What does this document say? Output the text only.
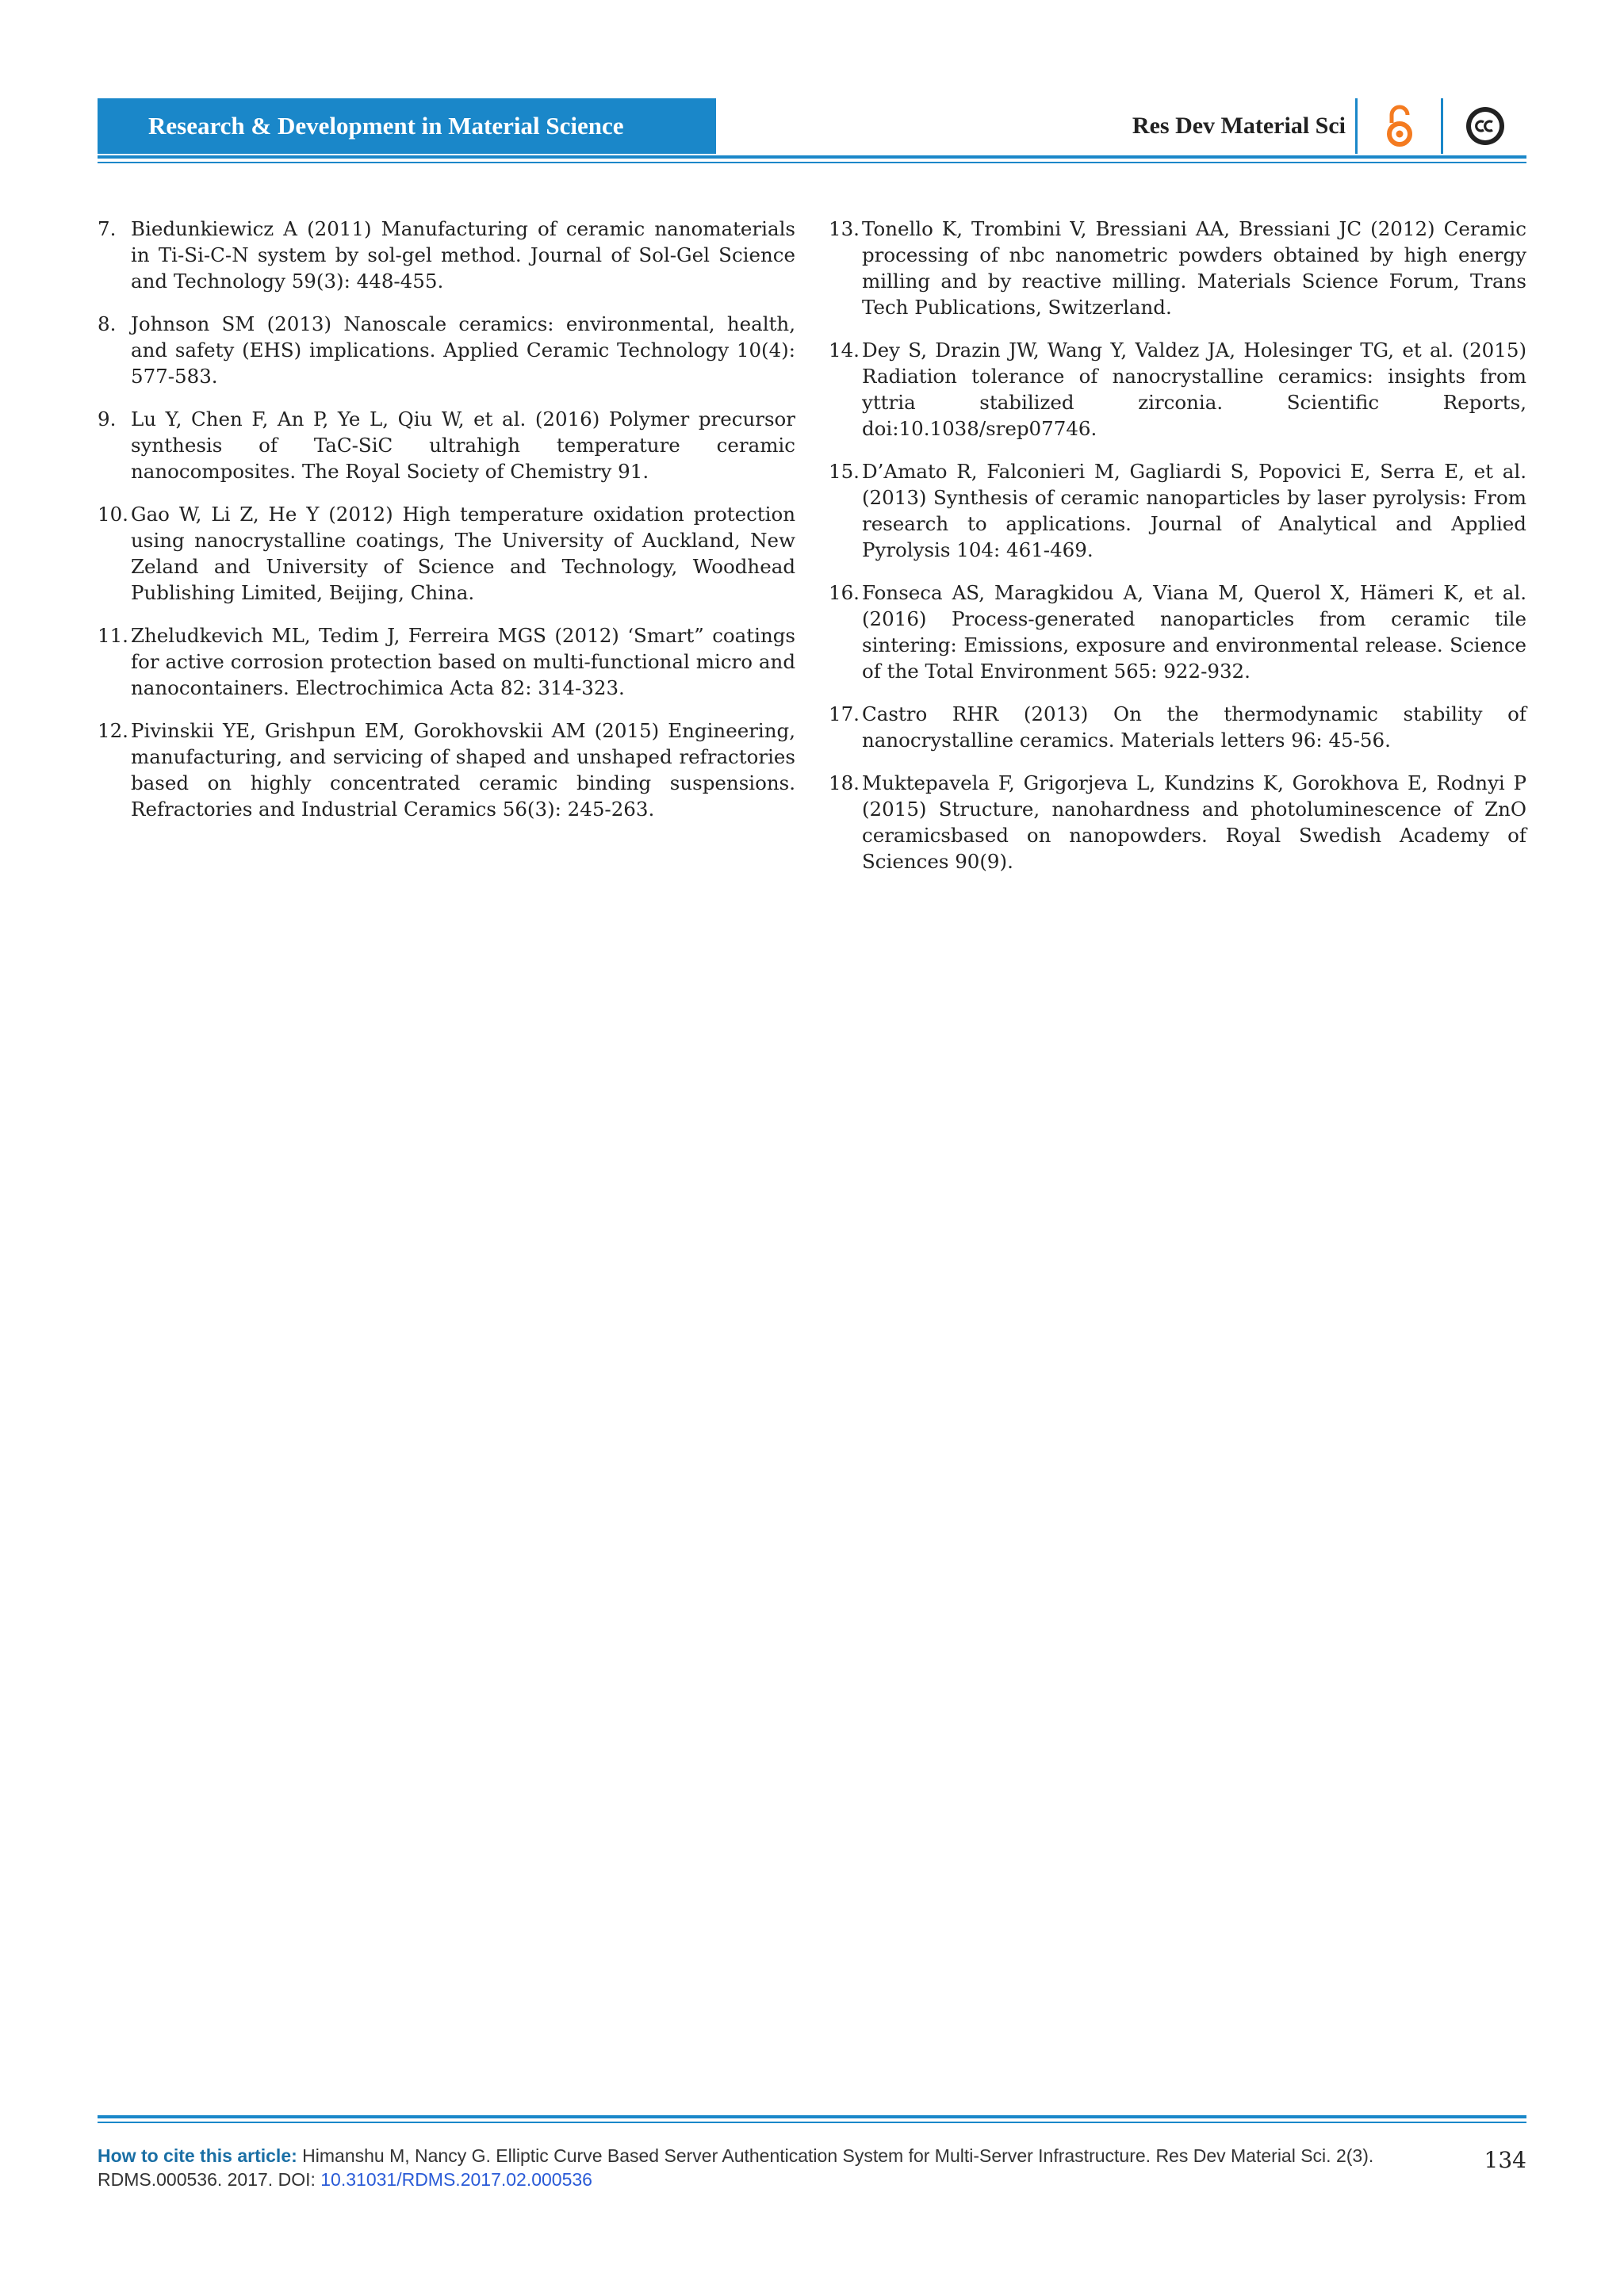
Research & Development in Material Science	Res Dev Material Sci
7. Biedunkiewicz A (2011) Manufacturing of ceramic nanomaterials in Ti-Si-C-N system by sol-gel method. Journal of Sol-Gel Science and Technology 59(3): 448-455.
8. Johnson SM (2013) Nanoscale ceramics: environmental, health, and safety (EHS) implications. Applied Ceramic Technology 10(4): 577-583.
9. Lu Y, Chen F, An P, Ye L, Qiu W, et al. (2016) Polymer precursor synthesis of TaC-SiC ultrahigh temperature ceramic nanocomposites. The Royal Society of Chemistry 91.
10. Gao W, Li Z, He Y (2012) High temperature oxidation protection using nanocrystalline coatings, The University of Auckland, New Zeland and University of Science and Technology, Woodhead Publishing Limited, Beijing, China.
11. Zheludkevich ML, Tedim J, Ferreira MGS (2012) ‘Smart” coatings for active corrosion protection based on multi-functional micro and nanocontainers. Electrochimica Acta 82: 314-323.
12. Pivinskii YE, Grishpun EM, Gorokhovskii AM (2015) Engineering, manufacturing, and servicing of shaped and unshaped refractories based on highly concentrated ceramic binding suspensions. Refractories and Industrial Ceramics 56(3): 245-263.
13. Tonello K, Trombini V, Bressiani AA, Bressiani JC (2012) Ceramic processing of nbc nanometric powders obtained by high energy milling and by reactive milling. Materials Science Forum, Trans Tech Publications, Switzerland.
14. Dey S, Drazin JW, Wang Y, Valdez JA, Holesinger TG, et al. (2015) Radiation tolerance of nanocrystalline ceramics: insights from yttria stabilized zirconia. Scientific Reports, doi:10.1038/srep07746.
15. D’Amato R, Falconieri M, Gagliardi S, Popovici E, Serra E, et al. (2013) Synthesis of ceramic nanoparticles by laser pyrolysis: From research to applications. Journal of Analytical and Applied Pyrolysis 104: 461-469.
16. Fonseca AS, Maragkidou A, Viana M, Querol X, Hämeri K, et al. (2016) Process-generated nanoparticles from ceramic tile sintering: Emissions, exposure and environmental release. Science of the Total Environment 565: 922-932.
17. Castro RHR (2013) On the thermodynamic stability of nanocrystalline ceramics. Materials letters 96: 45-56.
18. Muktepavela F, Grigorjeva L, Kundzins K, Gorokhova E, Rodnyi P (2015) Structure, nanohardness and photoluminescence of ZnO ceramicsbased on nanopowders. Royal Swedish Academy of Sciences 90(9).
How to cite this article: Himanshu M, Nancy G. Elliptic Curve Based Server Authentication System for Multi-Server Infrastructure. Res Dev Material Sci. 2(3). RDMS.000536. 2017. DOI: 10.31031/RDMS.2017.02.000536
134
